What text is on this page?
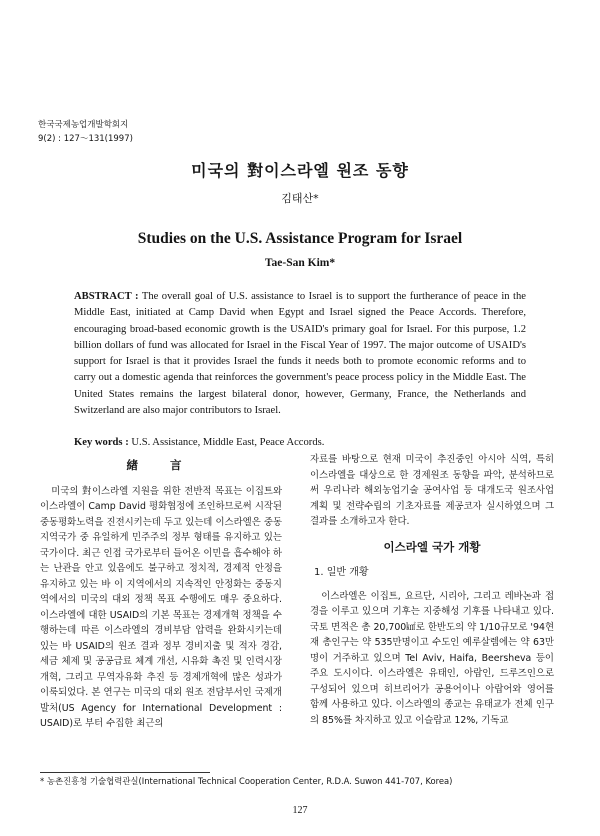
한국국제농업개발학회지
9(2) : 127～131(1997)
미국의 對이스라엘 원조 동향
김태산*
Studies on the U.S. Assistance Program for Israel
Tae-San Kim*
ABSTRACT : The overall goal of U.S. assistance to Israel is to support the furtherance of peace in the Middle East, initiated at Camp David when Egypt and Israel signed the Peace Accords. Therefore, encouraging broad-based economic growth is the USAID's primary goal for Israel. For this purpose, 1.2 billion dollars of fund was allocated for Israel in the Fiscal Year of 1997. The major outcome of USAID's support for Israel is that it provides Israel the funds it needs both to promote economic reforms and to carry out a domestic agenda that reinforces the government's peace process policy in the Middle East. The United States remains the largest bilateral donor, however, Germany, France, the Netherlands and Switzerland are also major contributors to Israel.
Key words : U.S. Assistance, Middle East, Peace Accords.
緖 言

미국의 對이스라엘 지원을 위한 전반적 목표는 이집트와 이스라엘이 Camp David 평화협정에 조인하므로써 시작된 중동평화노력을 진전시키는데 두고 있는데 이스라엘은 중동지역국가 중 유일하게 민주주의 정부 형태를 유지하고 있는 국가이다. 최근 인접 국가로부터 들어온 이민을 흡수해야 하는 난관을 안고 있음에도 불구하고 정치적, 경제적 안정을 유지하고 있는 바 이 지역에서의 지속적인 안정화는 중동지역에서의 미국의 대외 정책 목표 수행에도 매우 중요하다. 이스라엘에 대한 USAID의 기본 목표는 경제개혁 정책을 수행하는데 따른 이스라엘의 경비부담 압력을 완화시키는데 있는 바 USAID의 원조 결과 정부 경비지출 및 적자 경감, 세금 체제 및 공공급료 체계 개선, 시유화 촉진 및 인력시장 개혁, 그리고 무역자유화 추진 등 경제개혁에 많은 성과가 이룩되었다. 본 연구는 미국의 대외 원조 전담부서인 국제개발처(US Agency for International Development : USAID)로 부터 수집한 최근의

자료를 바탕으로 현재 미국이 추진중인 아시아 식역, 특히 이스라엘을 대상으로 한 경제원조 동향을 파악, 분석하므로써 우리나라 해외농업기술 공여사업 등 대개도국 원조사업 계획 및 전략수립의 기초자료를 제공코자 실시하였으며 그 결과를 소개하고자 한다.

이스라엘 국가 개황
1. 일반 개황

이스라엘은 이집트, 요르단, 시리아, 그리고 레바논과 접경을 이루고 있으며 기후는 지중해성 기후를 나타내고 있다. 국토 면적은 총 20,700㎢로 한반도의 약 1/10규모로 '94현재 총인구는 약 535만명이고 수도인 예루살렘에는 약 63만명이 거주하고 있으며 Tel Aviv, Haifa, Beersheva 등이 주요 도시이다. 이스라엘은 유태인, 아랍인, 드루즈인으로 구성되어 있으며 히브리어가 공용어이나 아랍어와 영어를 함께 사용하고 있다. 이스라엘의 종교는 유태교가 전체 인구의 85%를 차지하고 있고 이슬람교 12%, 기독교

* 농촌진흥청 기술협력관실(International Technical Cooperation Center, R.D.A. Suwon 441-707, Korea)
127
